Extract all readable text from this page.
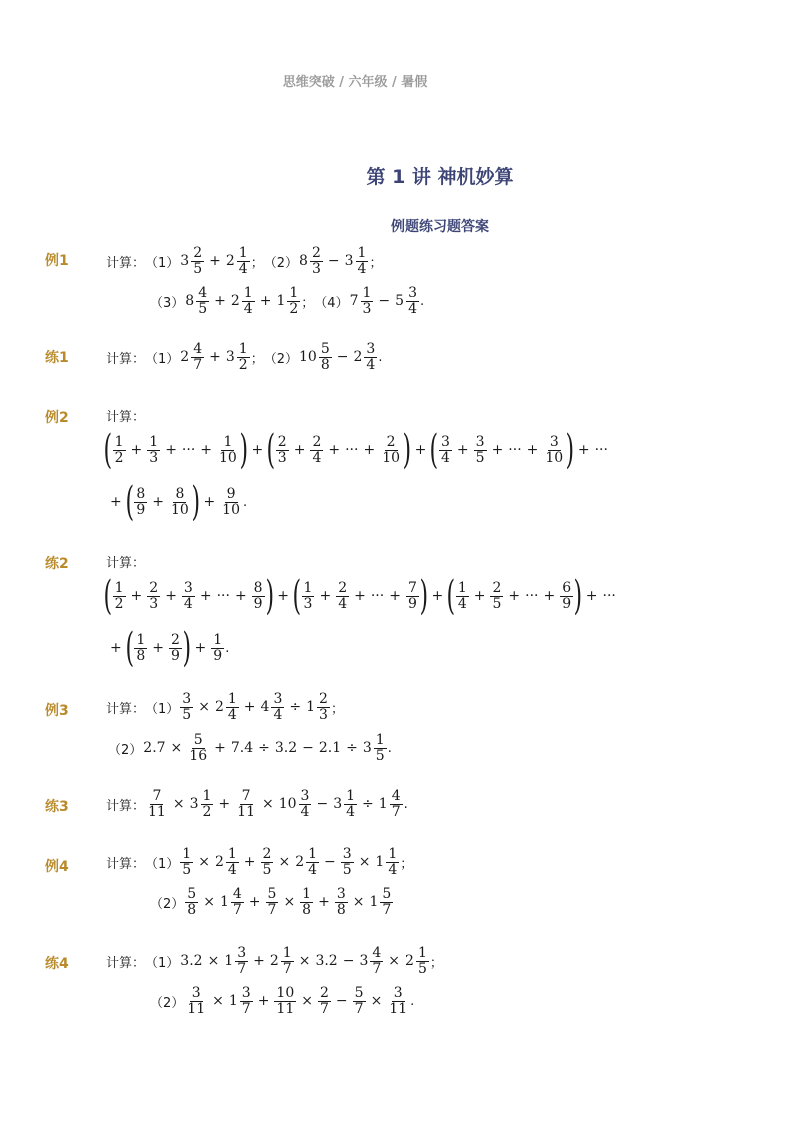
思维突破 / 六年级 / 暑假
第 1 讲 神机妙算
例题练习题答案
例1	计算： （1） $3 \frac{2}{5} + 2 \frac{1}{4}$ ； （2） $8 \frac{2}{3} - 3 \frac{1}{4}$ ；
（3） $8 \frac{4}{5} + 2 \frac{1}{4} + 1 \frac{1}{2}$ ； （4） $7 \frac{1}{3} - 5 \frac{3}{4}$ .
练1	计算： （1） $2 \frac{4}{7} + 3 \frac{1}{2}$ ； （2） $10 \frac{5}{8} - 2 \frac{3}{4}$ .
例2	计算：
( $\frac{1}{2} + \frac{1}{3}$ + ··· + $\frac{1}{10}$ ) + ( $\frac{2}{3} + \frac{2}{4}$ + ··· + $\frac{2}{10}$ ) + ( $\frac{3}{4} + \frac{3}{5}$ + ··· + $\frac{3}{10}$ ) + ···
+ ( $\frac{8}{9} + \frac{8}{10}$ ) + $\frac{9}{10}$ .
练2	计算：
( $\frac{1}{2} + \frac{2}{3} + \frac{3}{4}$ + ··· + $\frac{8}{9}$ ) + ( $\frac{1}{3} + \frac{2}{4}$ + ··· + $\frac{7}{9}$ ) + ( $\frac{1}{4} + \frac{2}{5}$ + ··· + $\frac{6}{9}$ ) + ···
+ ( $\frac{1}{8} + \frac{2}{9}$ ) + $\frac{1}{9}$ .
例3	计算： $(1) \frac{3}{5} \times 2 \frac{1}{4} + 4 \frac{3}{4} \div 1 \frac{2}{3}$ ；
（2） $2.7 \times \frac{5}{16} + 7.4 \div 3.2 - 2.1 \div 3 \frac{1}{5}$ .
练3	计算： $\frac{7}{11} \times 3 \frac{1}{2} + \frac{7}{11} \times 10 \frac{3}{4} - 3 \frac{1}{4} \div 1 \frac{4}{7}$ .
例4	计算： $(1) \frac{1}{5} \times 2 \frac{1}{4} + \frac{2}{5} \times 2 \frac{1}{4} - \frac{3}{5} \times 1 \frac{1}{4}$ ；
$(2) \frac{5}{8} \times 1 \frac{4}{7} + \frac{5}{7} \times \frac{1}{8} + \frac{3}{8} \times 1 \frac{5}{7}$
练4	计算： （1） $3.2 \times 1 \frac{3}{7} + 2 \frac{1}{7} \times 3.2 - 3 \frac{4}{7} \times 2 \frac{1}{5}$ ；
$(2) \frac{3}{11} \times 1 \frac{3}{7} + \frac{10}{11} \times \frac{2}{7} - \frac{5}{7} \times \frac{3}{11}$ .
